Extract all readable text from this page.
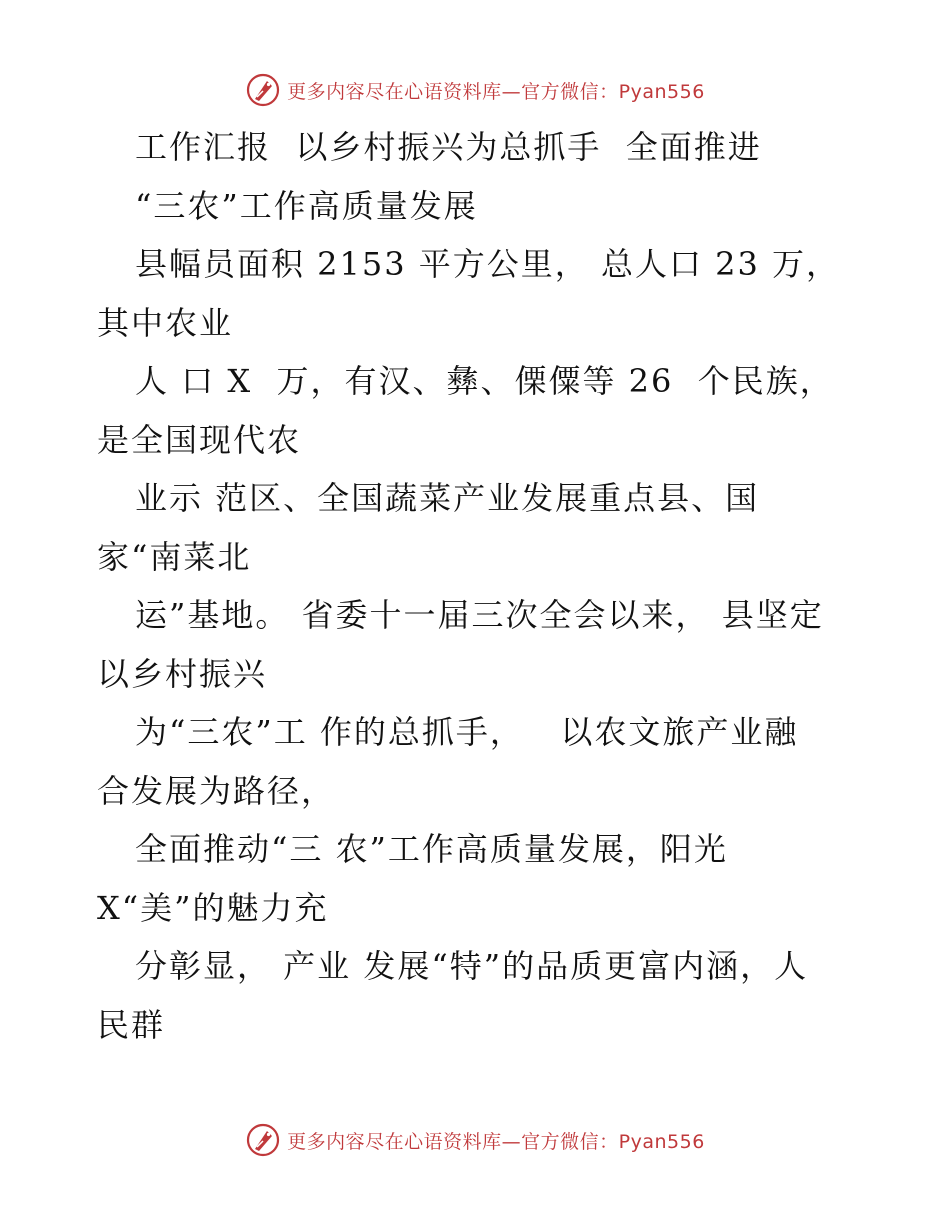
更多内容尽在心语资料库—官方微信：Pyan556
工作汇报  以乡村振兴为总抓手  全面推进
“三农”工作高质量发展
县幅员面积 2153 平方公里， 总人口 23 万，
其中农业
人 口 X  万，有汉、彝、傈僳等 26  个民族，
是全国现代农
业示 范区、全国蔬菜产业发展重点县、国
家“南菜北
运”基地。 省委十一届三次全会以来， 县坚定
以乡村振兴
为“三农”工 作的总抓手，   以农文旅产业融
合发展为路径，
全面推动“三 农”工作高质量发展，阳光
X“美”的魅力充
分彰显， 产业 发展“特”的品质更富内涵，人
民群
更多内容尽在心语资料库—官方微信：Pyan556
